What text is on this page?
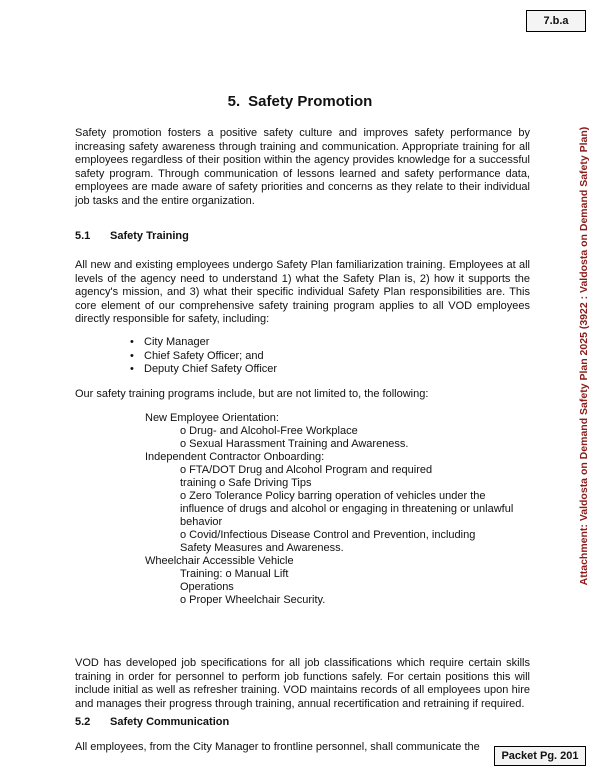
7.b.a
Attachment: Valdosta on Demand Safety Plan 2025 (3922 : Valdosta on Demand Safety Plan)
5. Safety Promotion

Safety promotion fosters a positive safety culture and improves safety performance by increasing safety awareness through training and communication. Appropriate training for all employees regardless of their position within the agency provides knowledge for a successful safety program. Through communication of lessons learned and safety performance data, employees are made aware of safety priorities and concerns as they relate to their individual job tasks and the entire organization.

5.1 Safety Training

All new and existing employees undergo Safety Plan familiarization training. Employees at all levels of the agency need to understand 1) what the Safety Plan is, 2) how it supports the agency's mission, and 3) what their specific individual Safety Plan responsibilities are. This core element of our comprehensive safety training program applies to all VOD employees directly responsible for safety, including:

• City Manager
• Chief Safety Officer; and
• Deputy Chief Safety Officer

Our safety training programs include, but are not limited to, the following:

New Employee Orientation:
o Drug- and Alcohol-Free Workplace
o Sexual Harassment Training and Awareness.
Independent Contractor Onboarding:
o FTA/DOT Drug and Alcohol Program and required
training o Safe Driving Tips
o Zero Tolerance Policy barring operation of vehicles under the
influence of drugs and alcohol or engaging in threatening or unlawful
behavior
o Covid/Infectious Disease Control and Prevention, including
Safety Measures and Awareness.
Wheelchair Accessible Vehicle
Training: o Manual Lift
Operations
o Proper Wheelchair Security.

VOD has developed job specifications for all job classifications which require certain skills training in order for personnel to perform job functions safely. For certain positions this will include initial as well as refresher training. VOD maintains records of all employees upon hire and manages their progress through training, annual recertification and retraining if required.

5.2 Safety Communication

All employees, from the City Manager to frontline personnel, shall communicate the

Packet Pg. 201
